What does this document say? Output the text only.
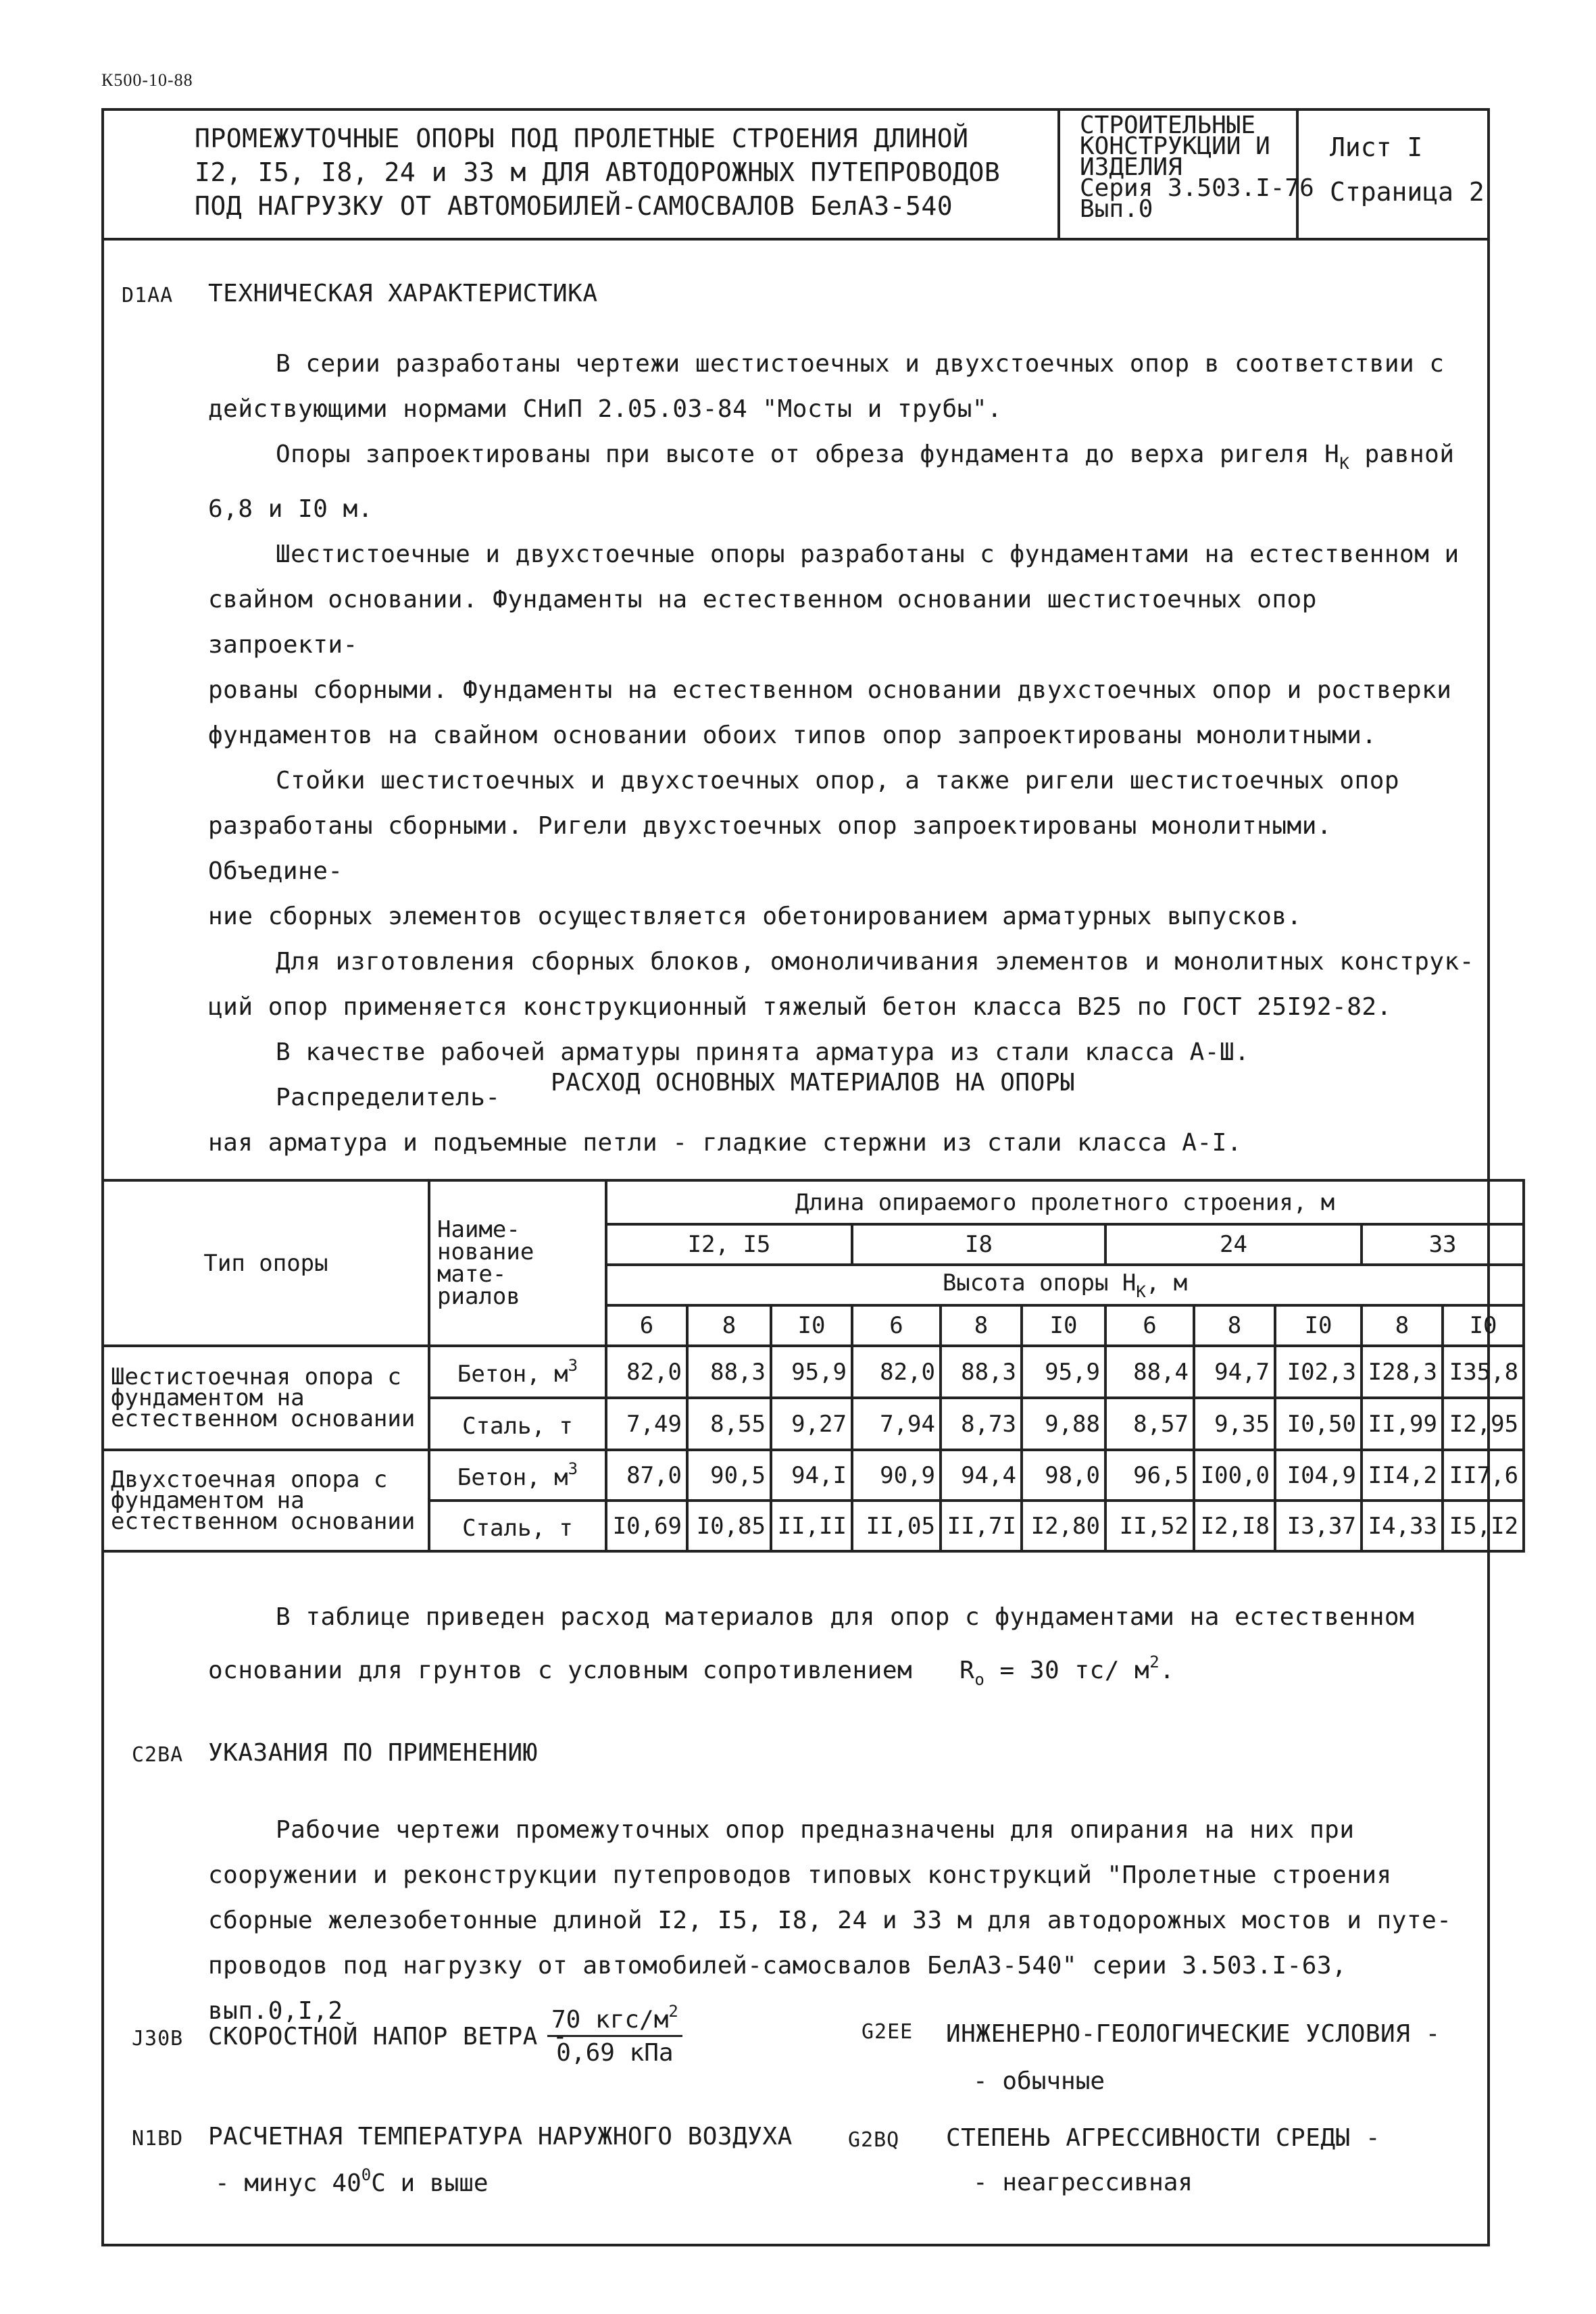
К500-10-88
ПРОМЕЖУТОЧНЫЕ ОПОРЫ ПОД ПРОЛЕТНЫЕ СТРОЕНИЯ ДЛИНОЙ
I2, I5, I8, 24 и 33 м ДЛЯ АВТОДОРОЖНЫХ ПУТЕПРОВОДОВ
ПОД НАГРУЗКУ ОТ АВТОМОБИЛЕЙ-САМОСВАЛОВ БелАЗ-540
СТРОИТЕЛЬНЫЕ
КОНСТРУКЦИИ И
ИЗДЕЛИЯ
Серия 3.503.I-76
Вып.0
Лист I
Страница 2
D1AA ТЕХНИЧЕСКАЯ ХАРАКТЕРИСТИКА
В серии разработаны чертежи шестистоечных и двухстоечных опор в соответствии с
действующими нормами СНиП 2.05.03-84 "Мосты и трубы".
Опоры запроектированы при высоте от обреза фундамента до верха ригеля $Н_К$ равной
6,8 и I0 м.
Шестистоечные и двухстоечные опоры разработаны с фундаментами на естественном и
свайном основании. Фундаменты на естественном основании шестистоечных опор запроекти-
рованы сборными. Фундаменты на естественном основании двухстоечных опор и ростверки
фундаментов на свайном основании обоих типов опор запроектированы монолитными.
Стойки шестистоечных и двухстоечных опор, а также ригели шестистоечных опор
разработаны сборными. Ригели двухстоечных опор запроектированы монолитными. Объедине-
ние сборных элементов осуществляется обетонированием арматурных выпусков.
Для изготовления сборных блоков, омоноличивания элементов и монолитных конструк-
ций опор применяется конструкционный тяжелый бетон класса В25 по ГОСТ 25I92-82.
В качестве рабочей арматуры принята арматура из стали класса А-Ш. Распределитель-
ная арматура и подъемные петли - гладкие стержни из стали класса А-I.
РАСХОД ОСНОВНЫХ МАТЕРИАЛОВ НА ОПОРЫ
Тип опоры	Наиме-
нование
мате-
риалов	Длина опираемого пролетного строения, м										
		I2, I5			I8			24			33	
		Высота опоры $Н_К$, м										
		6	8	I0	6	8	I0	6	8	I0	8	I0
Шестистоечная опора с фундаментом на естественном основании	Бетон, $м^3$	82,0	88,3	95,9	82,0	88,3	95,9	88,4	94,7	I02,3	I28,3	I35,8
	Сталь, т	7,49	8,55	9,27	7,94	8,73	9,88	8,57	9,35	I0,50	II,99	I2,95
Двухстоечная опора с фундаментом на естественном основании	Бетон, $м^3$	87,0	90,5	94,I	90,9	94,4	98,0	96,5	I00,0	I04,9	II4,2	II7,6
	Сталь, т	I0,69	I0,85	II,II	II,05	II,7I	I2,80	II,52	I2,I8	I3,37	I4,33	I5,I2
В таблице приведен расход материалов для опор с фундаментами на естественном
основании для грунтов с условным сопротивлением $R_о = 30$ тс/ $м^2$.
C2BA УКАЗАНИЯ ПО ПРИМЕНЕНИЮ
Рабочие чертежи промежуточных опор предназначены для опирания на них при
сооружении и реконструкции путепроводов типовых конструкций "Пролетные строения
сборные железобетонные длиной I2, I5, I8, 24 и 33 м для автодорожных мостов и путе-
проводов под нагрузку от автомобилей-самосвалов БелАЗ-540" серии 3.503.I-63, вып.0,I,2
J30B СКОРОСТНОЙ НАПОР ВЕТРА -
$\frac{70 кгс/м^2}{\text{0,69 кПа}}$
N1BD РАСЧЕТНАЯ ТЕМПЕРАТУРА НАРУЖНОГО ВОЗДУХА
- минус $40^0С$ и выше
G2EE ИНЖЕНЕРНО-ГЕОЛОГИЧЕСКИЕ УСЛОВИЯ -
- обычные
G2BQ СТЕПЕНЬ АГРЕССИВНОСТИ СРЕДЫ -
- неагрессивная
